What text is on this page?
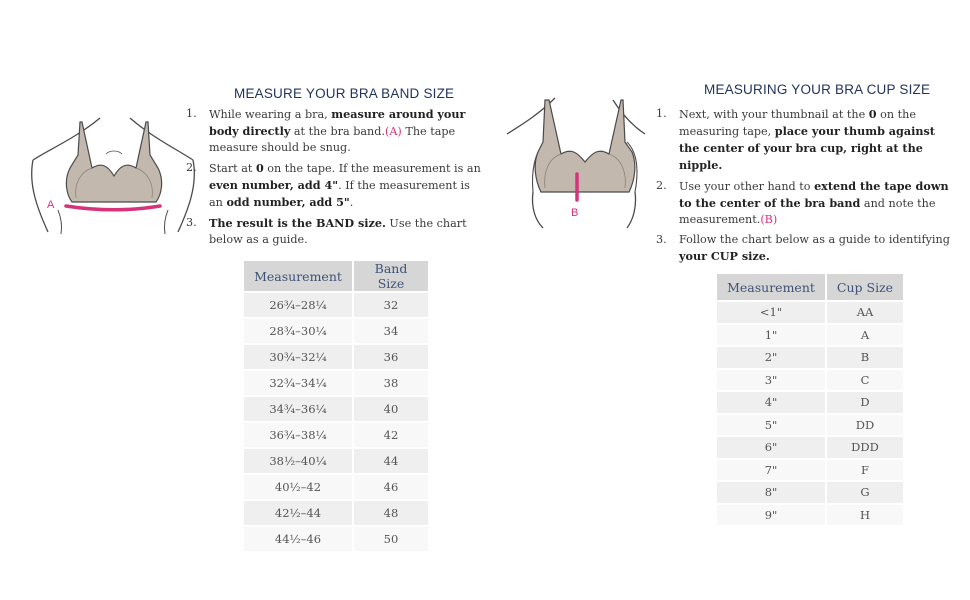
A
MEASURE YOUR BRA BAND SIZE
1. While wearing a bra, measure around your body directly at the bra band.(A) The tape measure should be snug.
2. Start at 0 on the tape. If the measurement is an even number, add 4". If the measurement is an odd number, add 5".
3. The result is the BAND size. Use the chart below as a guide.
Measurement	Band Size
26¾–28¼	32
28¾–30¼	34
30¾–32¼	36
32¾–34¼	38
34¾–36¼	40
36¾–38¼	42
38½–40¼	44
40½–42	46
42½–44	48
44½–46	50
B
MEASURING YOUR BRA CUP SIZE
1. Next, with your thumbnail at the 0 on the measuring tape, place your thumb against the center of your bra cup, right at the nipple.
2. Use your other hand to extend the tape down to the center of the bra band and note the measurement.(B)
3. Follow the chart below as a guide to identifying your CUP size.
Measurement	Cup Size
<1"	AA
1"	A
2"	B
3"	C
4"	D
5"	DD
6"	DDD
7"	F
8"	G
9"	H
